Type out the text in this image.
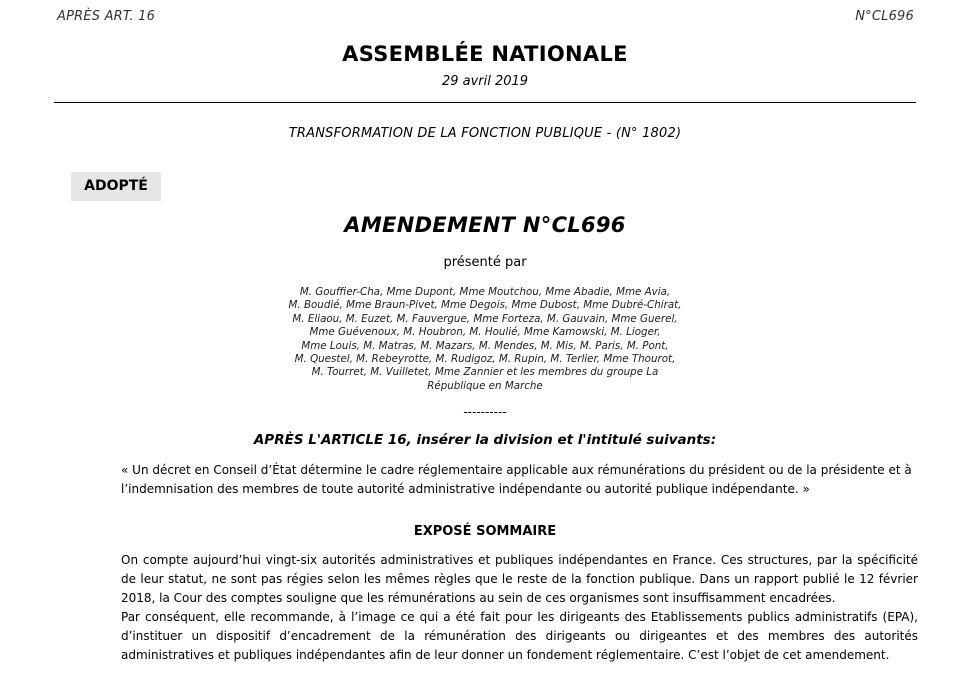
APRÈS ART. 16	N°CL696
ASSEMBLÉE NATIONALE
29 avril 2019
TRANSFORMATION DE LA FONCTION PUBLIQUE - (N° 1802)
ADOPTÉ
AMENDEMENT N°CL696
présenté par
M. Gouffier-Cha, Mme Dupont, Mme Moutchou, Mme Abadie, Mme Avia,
M. Boudié, Mme Braun-Pivet, Mme Degois, Mme Dubost, Mme Dubré-Chirat,
M. Eliaou, M. Euzet, M. Fauvergue, Mme Forteza, M. Gauvain, Mme Guerel,
Mme Guévenoux, M. Houbron, M. Houlié, Mme Kamowski, M. Lioger,
Mme Louis, M. Matras, M. Mazars, M. Mendes, M. Mis, M. Paris, M. Pont,
M. Questel, M. Rebeyrotte, M. Rudigoz, M. Rupin, M. Terlier, Mme Thourot,
M. Tourret, M. Vuilletet, Mme Zannier et les membres du groupe La
République en Marche
----------
APRÈS L'ARTICLE 16, insérer la division et l'intitulé suivants:
« Un décret en Conseil d’État détermine le cadre réglementaire applicable aux rémunérations du président ou de la présidente et à
l’indemnisation des membres de toute autorité administrative indépendante ou autorité publique indépendante. »
EXPOSÉ SOMMAIRE
On compte aujourd’hui vingt-six autorités administratives et publiques indépendantes en France. Ces structures, par la spécificité
de leur statut, ne sont pas régies selon les mêmes règles que le reste de la fonction publique. Dans un rapport publié le 12 février
2018, la Cour des comptes souligne que les rémunérations au sein de ces organismes sont insuffisamment encadrées.
Par conséquent, elle recommande, à l’image ce qui a été fait pour les dirigeants des Etablissements publics administratifs (EPA),
d’instituer un dispositif d’encadrement de la rémunération des dirigeants ou dirigeantes et des membres des autorités
administratives et publiques indépendantes afin de leur donner un fondement réglementaire. C’est l’objet de cet amendement.
